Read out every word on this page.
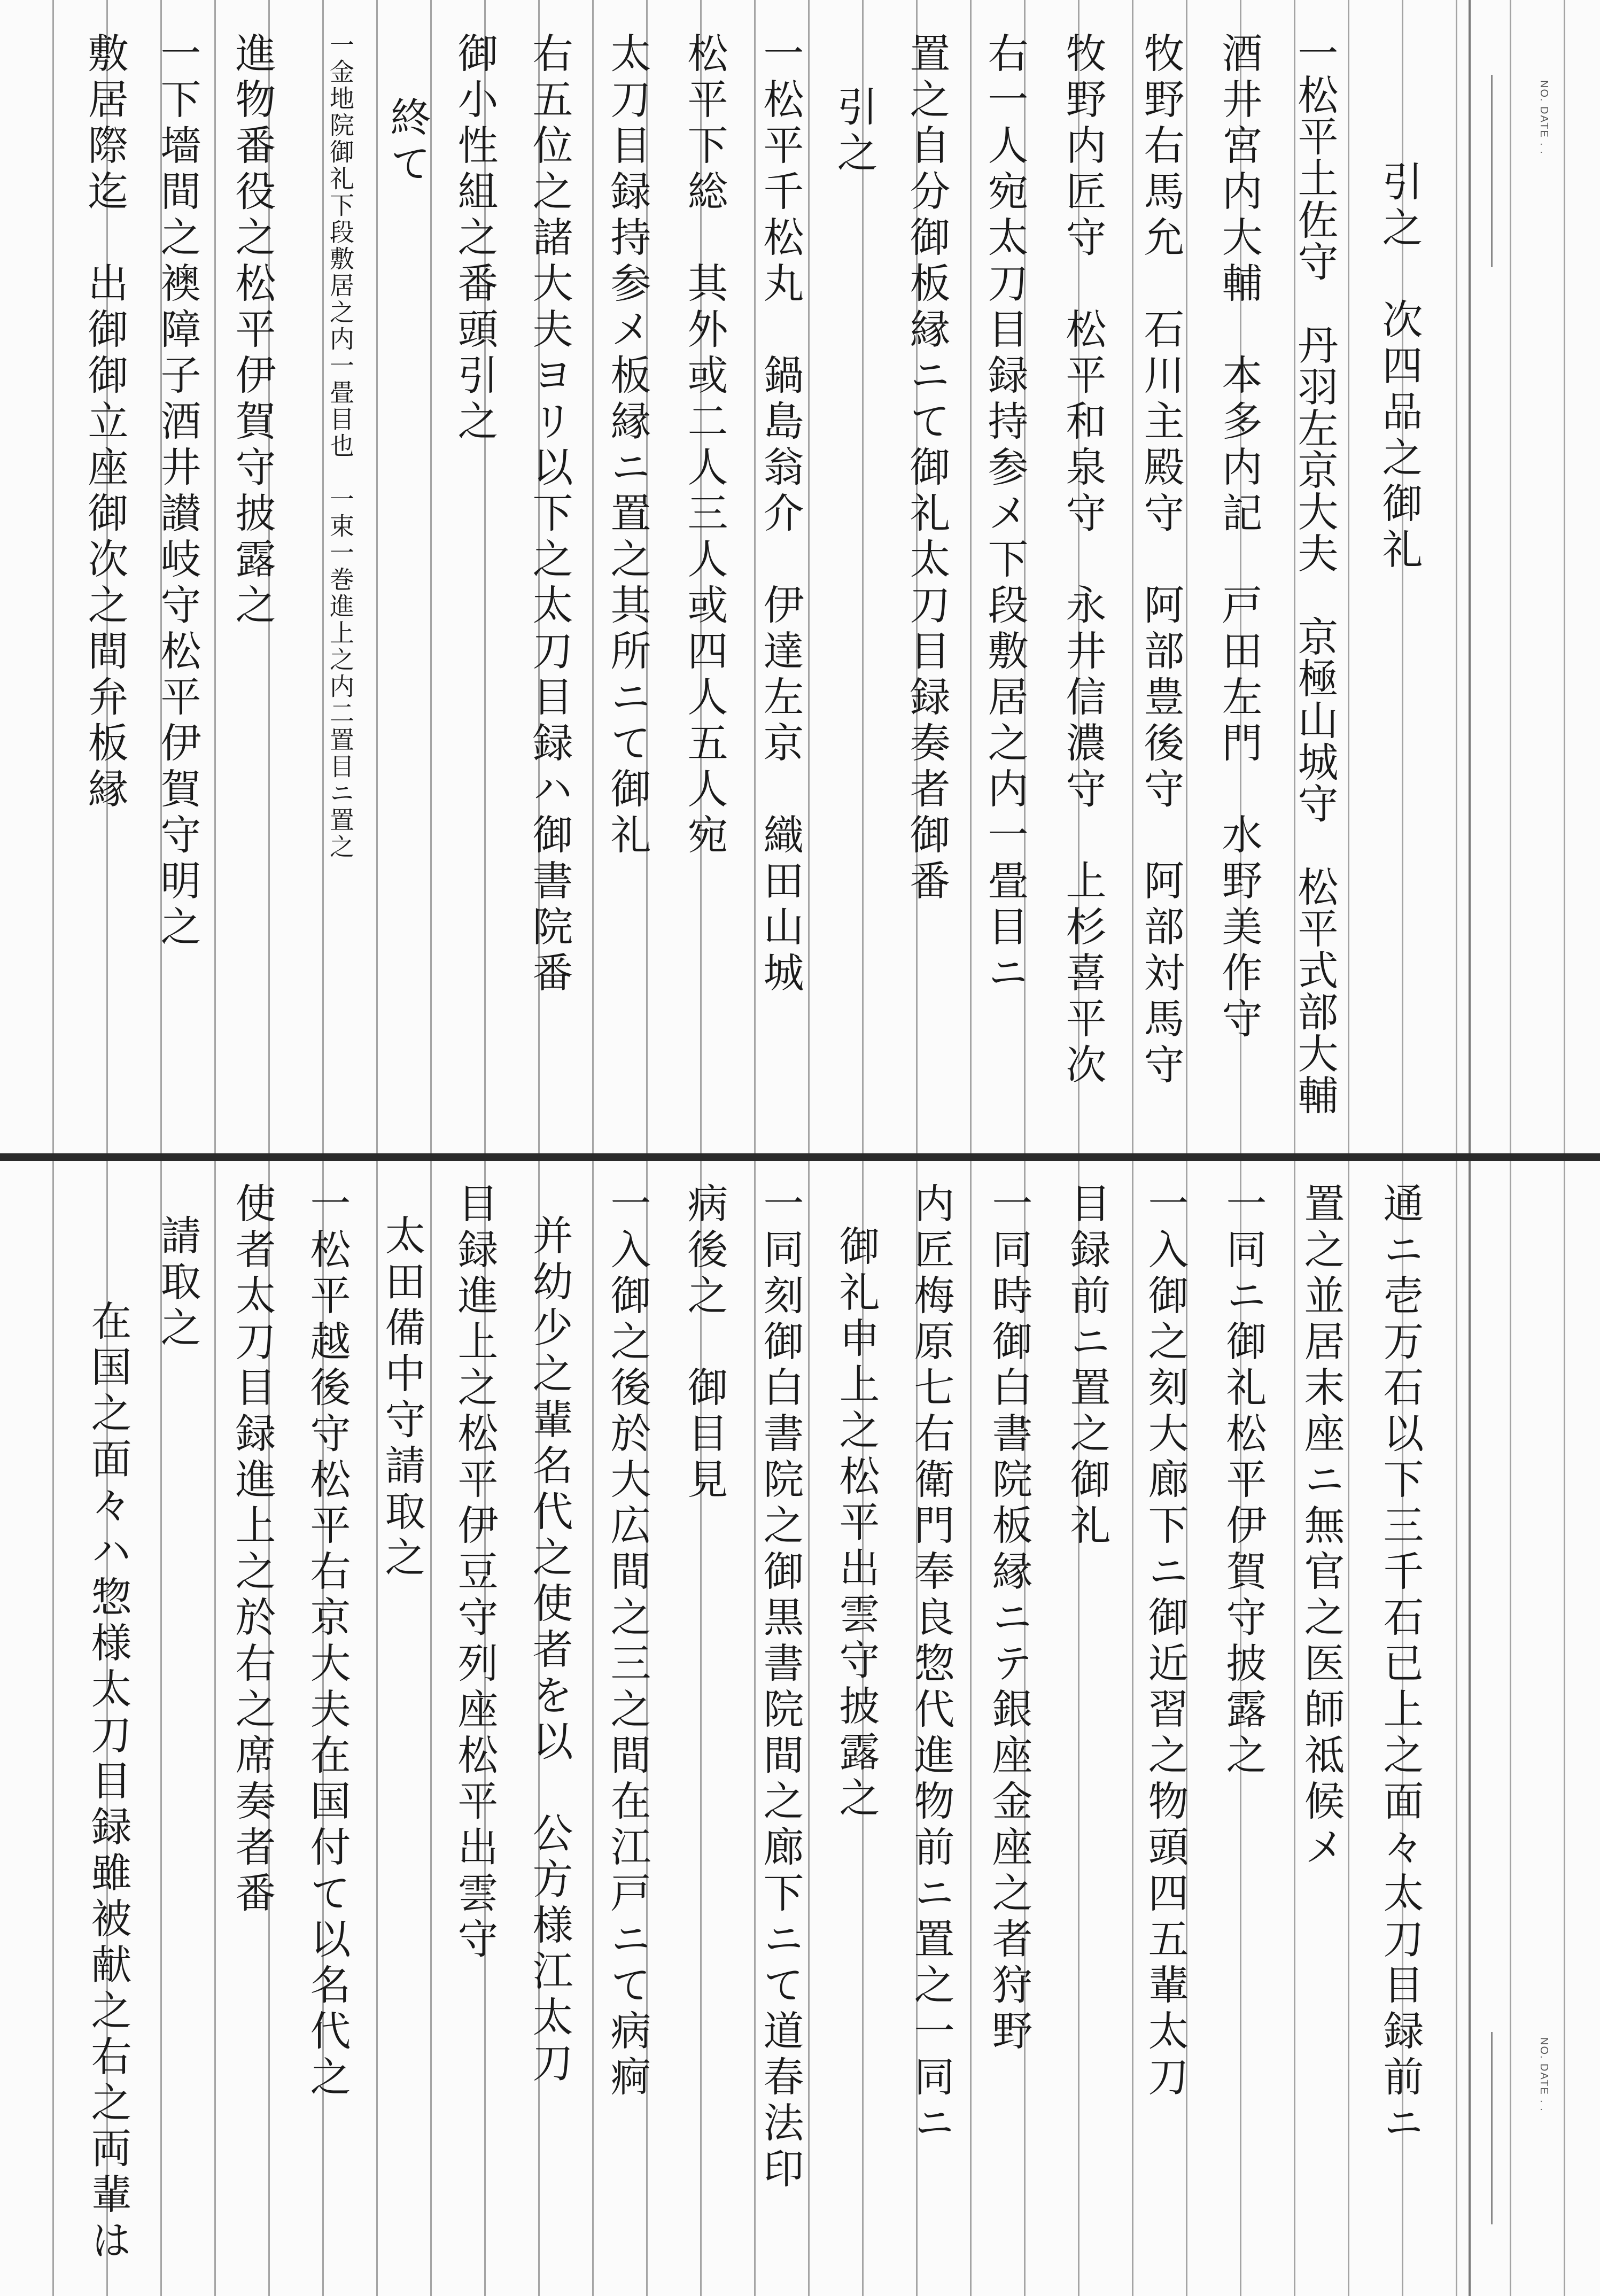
NO. DATE . .
引之　次四品之御礼
一松平土佐守　丹羽左京大夫　京極山城守　松平式部大輔
酒井宮内大輔　本多内記　戸田左門　水野美作守
牧野右馬允　石川主殿守　阿部豊後守　阿部対馬守
牧野内匠守　松平和泉守　永井信濃守　上杉喜平次
右一人宛太刀目録持参メ下段敷居之内一畳目ニ
置之自分御板縁ニて御礼太刀目録奏者御番
引之
一松平千松丸　鍋島翁介　伊達左京　織田山城
松平下総　其外或二人三人或四人五人宛
太刀目録持参メ板縁ニ置之其所ニて御礼
右五位之諸大夫ヨリ以下之太刀目録ハ御書院番
御小性組之番頭引之
終て
一金地院御礼下段敷居之内一畳目也　一束一巻進上之内二置目ニ置之
進物番役之松平伊賀守披露之
一下墻間之襖障子酒井讃岐守松平伊賀守明之
敷居際迄　出御御立座御次之間弁板縁
NO. DATE . .
通ニ壱万石以下三千石已上之面々太刀目録前ニ
置之並居末座ニ無官之医師祗候メ
一同ニ御礼松平伊賀守披露之
一入御之刻大廊下ニ御近習之物頭四五輩太刀
目録前ニ置之御礼
一同時御白書院板縁ニテ銀座金座之者狩野
内匠梅原七右衛門奉良惣代進物前ニ置之一同ニ
御礼申上之松平出雲守披露之
一同刻御白書院之御黒書院間之廊下ニて道春法印
病後之　御目見
一入御之後於大広間之三之間在江戸ニて病痾
并幼少之輩名代之使者を以　公方様江太刀
目録進上之松平伊豆守列座松平出雲守
太田備中守請取之
一松平越後守松平右京大夫在国付て以名代之
使者太刀目録進上之於右之席奏者番
請取之
在国之面々ハ惣様太刀目録雖被献之右之両輩は
